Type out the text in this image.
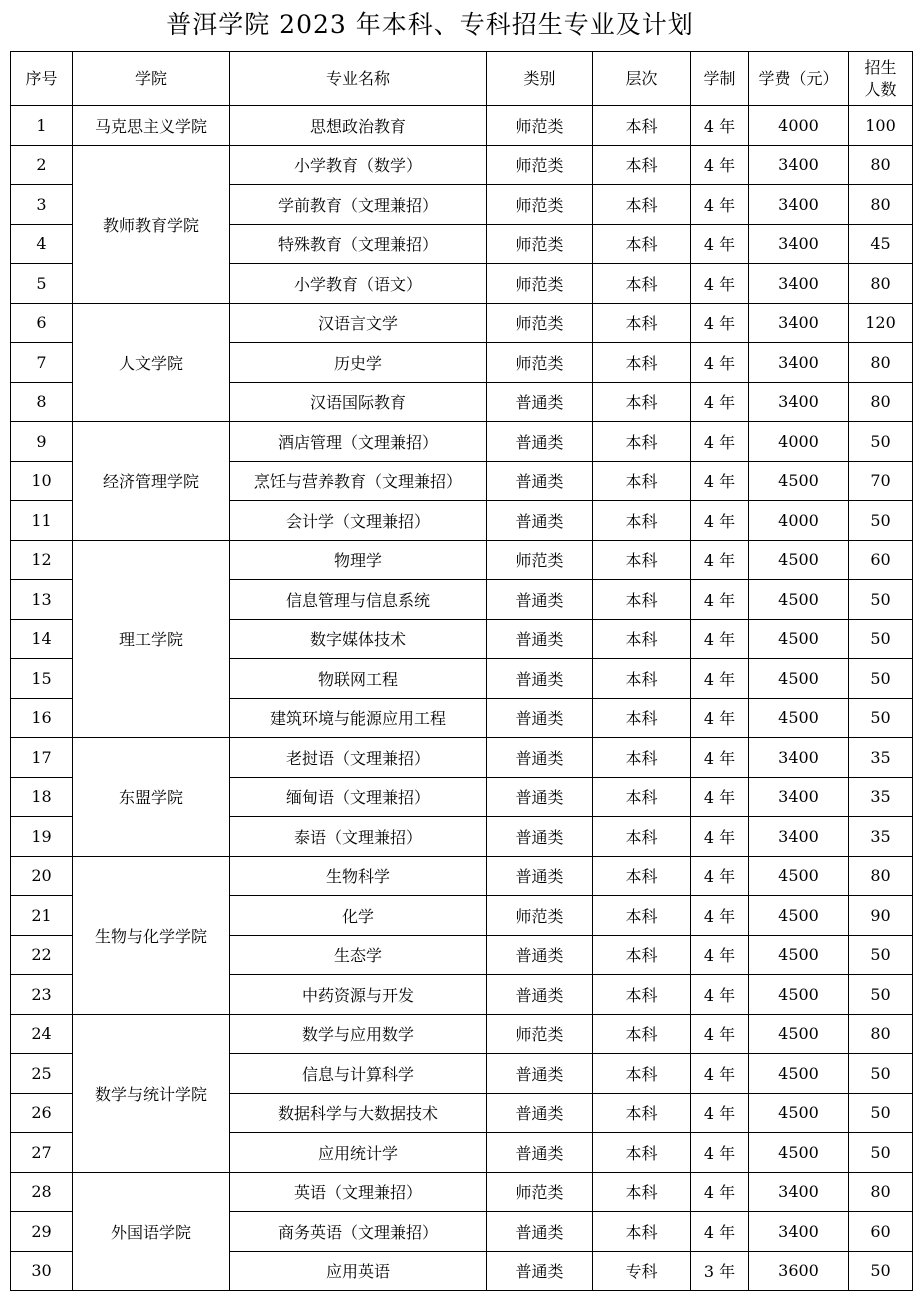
普洱学院 2023 年本科、专科招生专业及计划
序号	学院	专业名称	类别	层次	学制	学费（元）	招生
人数
1	马克思主义学院	思想政治教育	师范类	本科	4 年	4000	100
2	教师教育学院	小学教育（数学）	师范类	本科	4 年	3400	80
3		学前教育（文理兼招）	师范类	本科	4 年	3400	80
4		特殊教育（文理兼招）	师范类	本科	4 年	3400	45
5		小学教育（语文）	师范类	本科	4 年	3400	80
6	人文学院	汉语言文学	师范类	本科	4 年	3400	120
7		历史学	师范类	本科	4 年	3400	80
8		汉语国际教育	普通类	本科	4 年	3400	80
9	经济管理学院	酒店管理（文理兼招）	普通类	本科	4 年	4000	50
10		烹饪与营养教育（文理兼招）	普通类	本科	4 年	4500	70
11		会计学（文理兼招）	普通类	本科	4 年	4000	50
12	理工学院	物理学	师范类	本科	4 年	4500	60
13		信息管理与信息系统	普通类	本科	4 年	4500	50
14		数字媒体技术	普通类	本科	4 年	4500	50
15		物联网工程	普通类	本科	4 年	4500	50
16		建筑环境与能源应用工程	普通类	本科	4 年	4500	50
17	东盟学院	老挝语（文理兼招）	普通类	本科	4 年	3400	35
18		缅甸语（文理兼招）	普通类	本科	4 年	3400	35
19		泰语（文理兼招）	普通类	本科	4 年	3400	35
20	生物与化学学院	生物科学	普通类	本科	4 年	4500	80
21		化学	师范类	本科	4 年	4500	90
22		生态学	普通类	本科	4 年	4500	50
23		中药资源与开发	普通类	本科	4 年	4500	50
24	数学与统计学院	数学与应用数学	师范类	本科	4 年	4500	80
25		信息与计算科学	普通类	本科	4 年	4500	50
26		数据科学与大数据技术	普通类	本科	4 年	4500	50
27		应用统计学	普通类	本科	4 年	4500	50
28	外国语学院	英语（文理兼招）	师范类	本科	4 年	3400	80
29		商务英语（文理兼招）	普通类	本科	4 年	3400	60
30		应用英语	普通类	专科	3 年	3600	50
